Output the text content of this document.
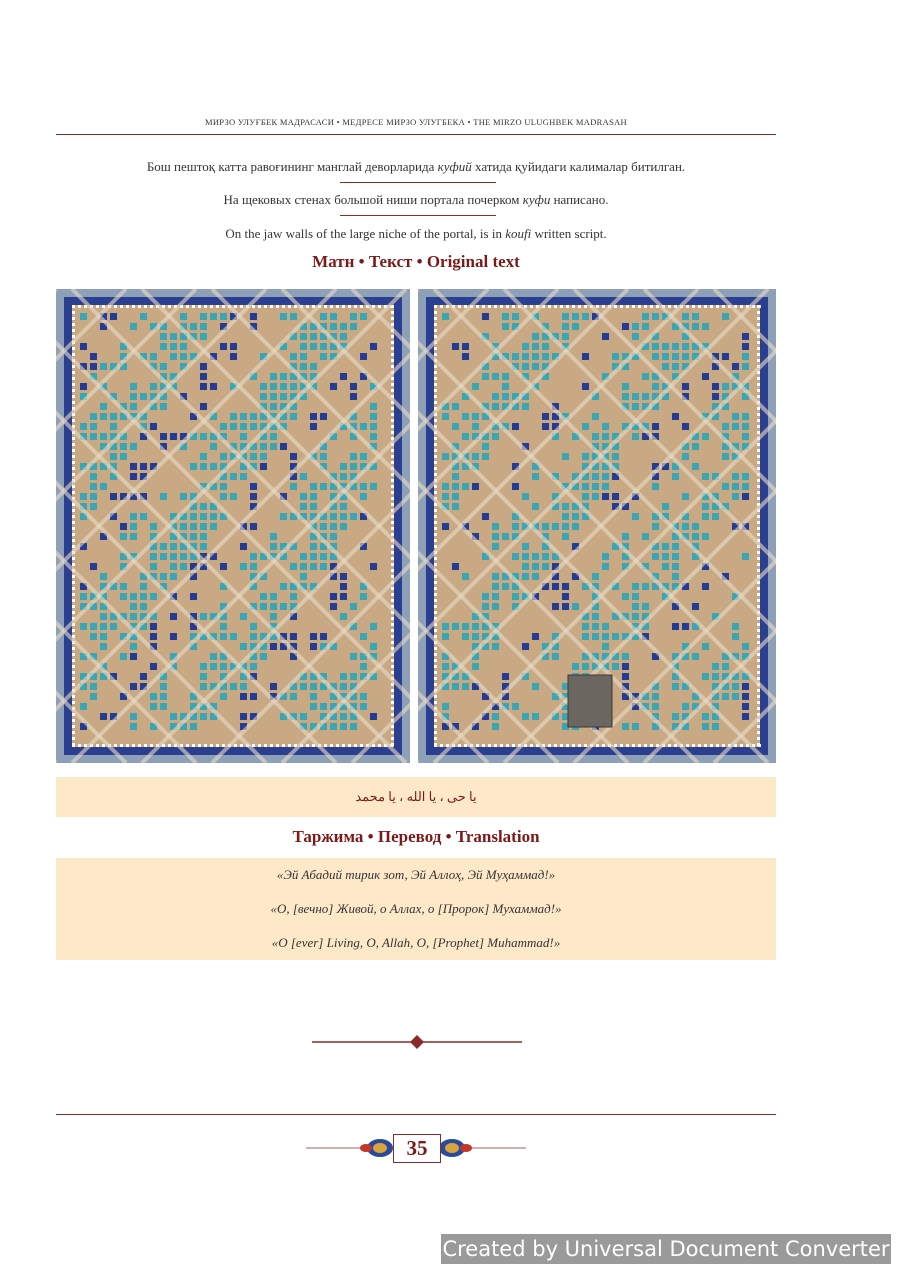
МИРЗО УЛУҒБЕК МАДРАСАСИ • МЕДРЕСЕ МИРЗО УЛУГБЕКА • THE MIRZO ULUGHBEK MADRASAH
Бош пештоқ катта равоғининг манглай деворларида куфий хатида қуйидаги калималар битилган.
На щековых стенах большой ниши портала почерком куфи написано.
On the jaw walls of the large niche of the portal, is in koufi written script.
Матн • Текст • Original text
یا حی ، یا الله ، یا محمد
Таржима • Перевод • Translation
«Эй Абадий тирик зот, Эй Аллоҳ, Эй Муҳаммад!»
«О, [вечно] Живой, о Аллах, о [Пророк] Мухаммад!»
«O [ever] Living, O, Allah, O, [Prophet] Muhammad!»
35
Created by Universal Document Converter
